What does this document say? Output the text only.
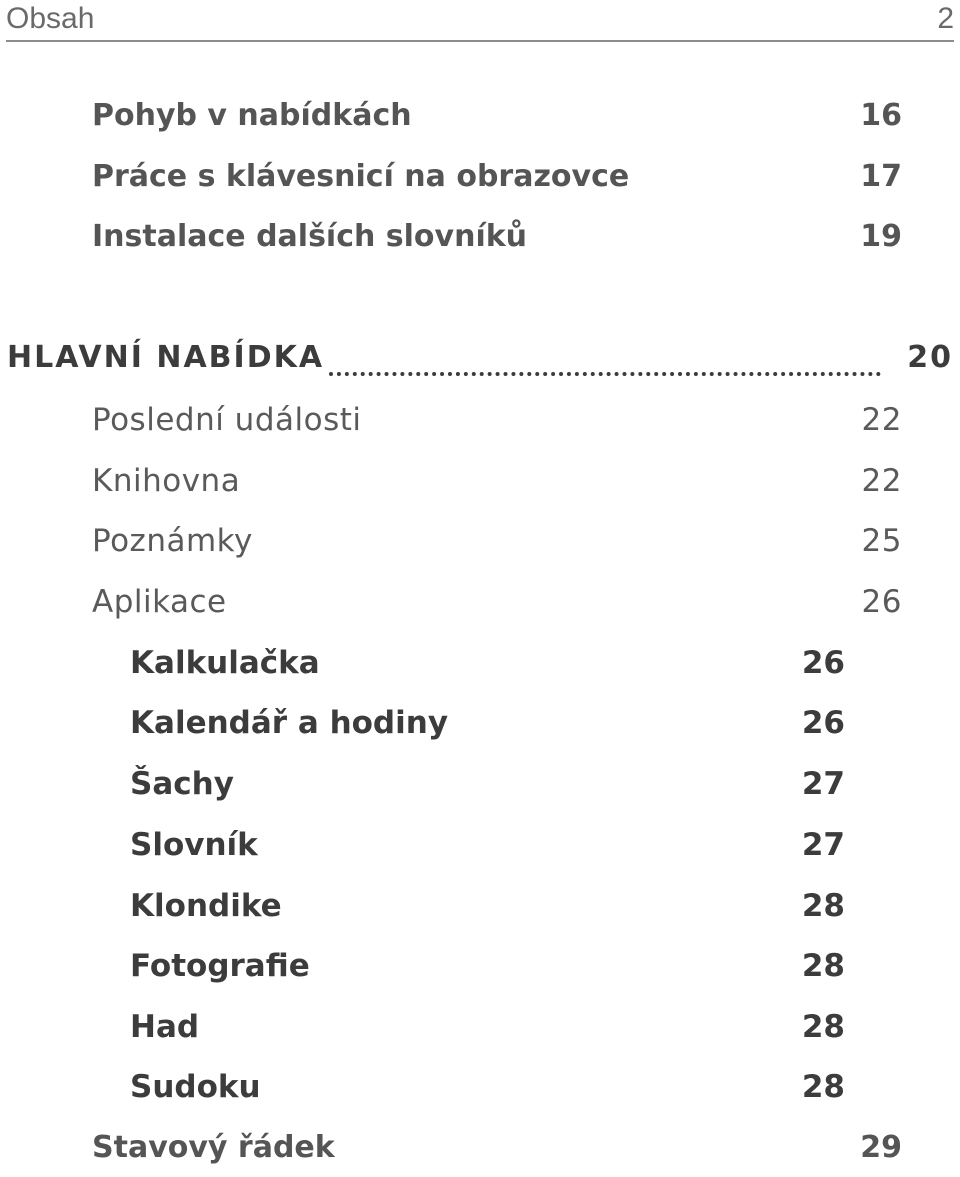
Obsah	2
Pohyb v nabídkách	16
Práce s klávesnicí na obrazovce	17
Instalace dalších slovníků	19
HLAVNÍ NABÍDKA	20
Poslední události	22
Knihovna	22
Poznámky	25
Aplikace	26
Kalkulačka	26
Kalendář a hodiny	26
Šachy	27
Slovník	27
Klondike	28
Fotografie	28
Had	28
Sudoku	28
Stavový řádek	29
